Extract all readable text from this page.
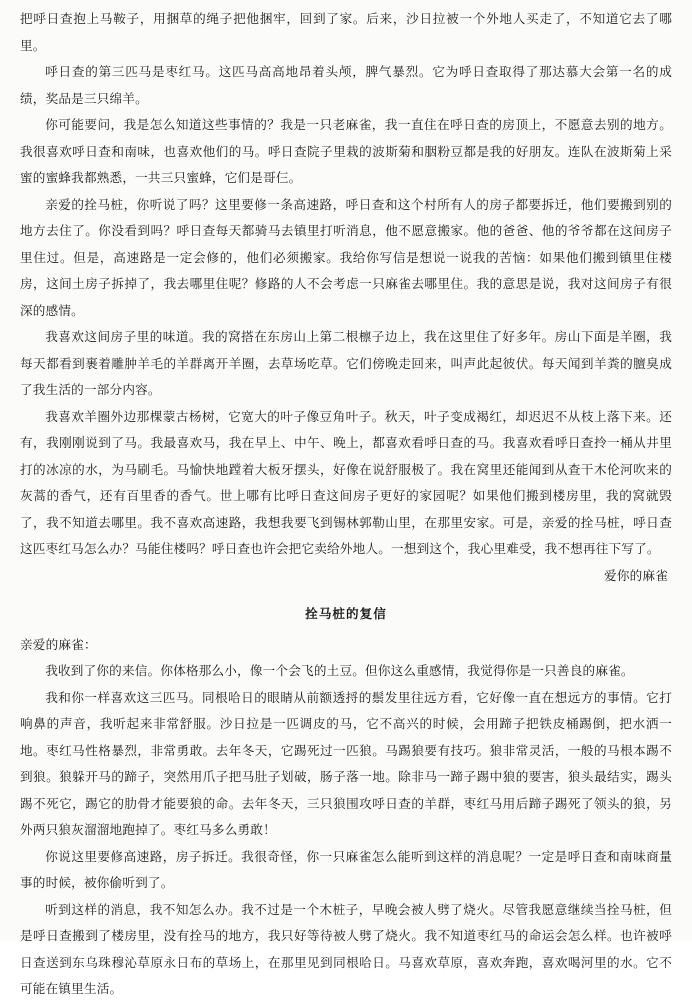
把呼日查抱上马鞍子，用捆草的绳子把他捆牢，回到了家。后来，沙日拉被一个外地人买走了，不知道它去了哪里。

呼日查的第三匹马是枣红马。这匹马高高地昂着头颅，脾气暴烈。它为呼日查取得了那达慕大会第一名的成绩，奖品是三只绵羊。

你可能要问，我是怎么知道这些事情的？我是一只老麻雀，我一直住在呼日查的房顶上，不愿意去别的地方。我很喜欢呼日查和南味，也喜欢他们的马。呼日查院子里栽的波斯菊和胭粉豆都是我的好朋友。连队在波斯菊上采蜜的蜜蜂我都熟悉，一共三只蜜蜂，它们是哥仨。

亲爱的拴马桩，你听说了吗？这里要修一条高速路，呼日查和这个村所有人的房子都要拆迁，他们要搬到别的地方去住了。你没看到吗？呼日查每天都骑马去镇里打听消息，他不愿意搬家。他的爸爸、他的爷爷都在这间房子里住过。但是，高速路是一定会修的，他们必须搬家。我给你写信是想说一说我的苦恼：如果他们搬到镇里住楼房，这间土房子拆掉了，我去哪里住呢？修路的人不会考虑一只麻雀去哪里住。我的意思是说，我对这间房子有很深的感情。

我喜欢这间房子里的味道。我的窝搭在东房山上第二根檩子边上，我在这里住了好多年。房山下面是羊圈，我每天都看到裹着雕肿羊毛的羊群离开羊圈，去草场吃草。它们傍晚走回来，叫声此起彼伏。每天闻到羊粪的膻臭成了我生活的一部分内容。

我喜欢羊圈外边那棵蒙古杨树，它宽大的叶子像豆角叶子。秋天，叶子变成褐红，却迟迟不从枝上落下来。还有，我刚刚说到了马。我最喜欢马，我在早上、中午、晚上，都喜欢看呼日查的马。我喜欢看呼日查拎一桶从井里打的冰凉的水，为马刷毛。马愉快地蹚着大板牙摆头，好像在说舒服极了。我在窝里还能闻到从查干木伦河吹来的灰蒿的香气，还有百里香的香气。世上哪有比呼日查这间房子更好的家园呢？如果他们搬到楼房里，我的窝就毁了，我不知道去哪里。我不喜欢高速路，我想我要飞到锡林郭勒山里，在那里安家。可是，亲爱的拴马桩，呼日查这匹枣红马怎么办？马能住楼吗？呼日查也许会把它卖给外地人。一想到这个，我心里难受，我不想再往下写了。

爱你的麻雀

拴马桩的复信

亲爱的麻雀：

我收到了你的来信。你体格那么小，像一个会飞的土豆。但你这么重感情，我觉得你是一只善良的麻雀。

我和你一样喜欢这三匹马。同根哈日的眼睛从前额透捋的鬃发里往远方看，它好像一直在想远方的事情。它打响鼻的声音，我听起来非常舒服。沙日拉是一匹调皮的马，它不高兴的时候，会用蹄子把铁皮桶踢倒，把水洒一地。枣红马性格暴烈，非常勇敢。去年冬天，它踢死过一匹狼。马踢狼要有技巧。狼非常灵活，一般的马根本踢不到狼。狼躲开马的蹄子，突然用爪子把马肚子划破，肠子落一地。除非马一蹄子踢中狼的要害，狼头最结实，踢头踢不死它，踢它的肋骨才能要狼的命。去年冬天，三只狼围攻呼日查的羊群，枣红马用后蹄子踢死了领头的狼，另外两只狼灰溜溜地跑掉了。枣红马多么勇敢！

你说这里要修高速路，房子拆迁。我很奇怪，你一只麻雀怎么能听到这样的消息呢？一定是呼日查和南味商量事的时候，被你偷听到了。

听到这样的消息，我不知怎么办。我不过是一个木桩子，早晚会被人劈了烧火。尽管我愿意继续当拴马桩，但是呼日查搬到了楼房里，没有拴马的地方，我只好等待被人劈了烧火。我不知道枣红马的命运会怎么样。也许被呼日查送到东乌珠穆沁草原永日布的草场上，在那里见到同根哈日。马喜欢草原，喜欢奔跑，喜欢喝河里的水。它不可能在镇里生活。
